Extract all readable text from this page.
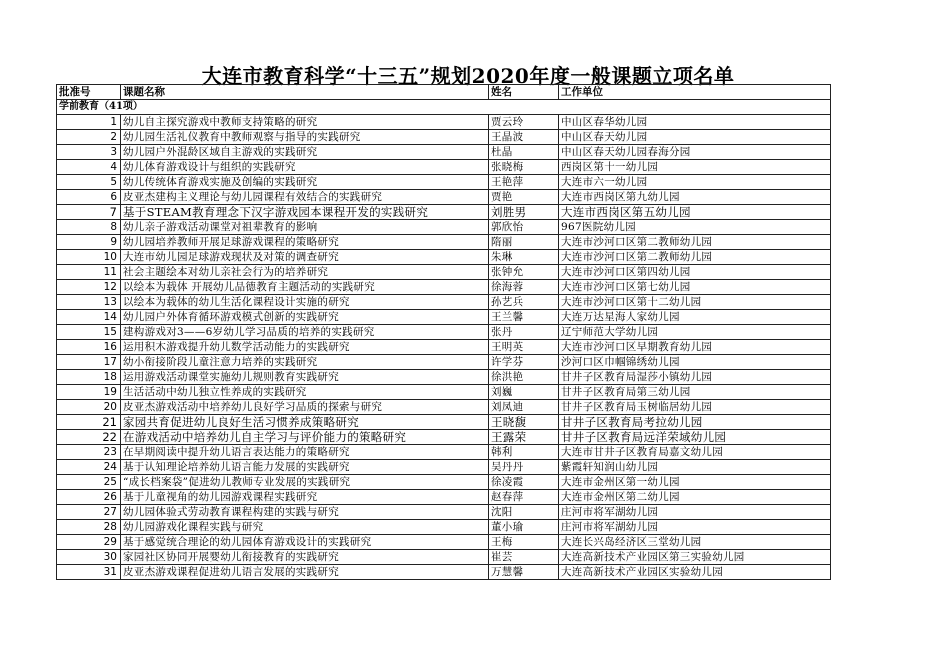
大连市教育科学“十三五”规划2020年度一般课题立项名单
批准号	课题名称	姓名	工作单位
学前教育（41项）			
1	幼儿自主探究游戏中教师支持策略的研究	贾云玲	中山区春华幼儿园
2	幼儿园生活礼仪教育中教师观察与指导的实践研究	王晶波	中山区春天幼儿园
3	幼儿园户外混龄区域自主游戏的实践研究	杜晶	中山区春天幼儿园春海分园
4	幼儿体育游戏设计与组织的实践研究	张晓梅	西岗区第十一幼儿园
5	幼儿传统体育游戏实施及创编的实践研究	王艳萍	大连市六一幼儿园
6	皮亚杰建构主义理论与幼儿园课程有效结合的实践研究	贾艳	大连市西岗区第九幼儿园
7	基于STEAM教育理念下汉字游戏园本课程开发的实践研究	刘胜男	大连市西岗区第五幼儿园
8	幼儿亲子游戏活动课堂对祖辈教育的影响	郭欣怡	967医院幼儿园
9	幼儿园培养教师开展足球游戏课程的策略研究	隋丽	大连市沙河口区第二教师幼儿园
10	大连市幼儿园足球游戏现状及对策的调查研究	朱琳	大连市沙河口区第二教师幼儿园
11	社会主题绘本对幼儿亲社会行为的培养研究	张钟允	大连市沙河口区第四幼儿园
12	以绘本为载体 开展幼儿品德教育主题活动的实践研究	徐海蓉	大连市沙河口区第七幼儿园
13	以绘本为载体的幼儿生活化课程设计实施的研究	孙艺兵	大连市沙河口区第十二幼儿园
14	幼儿园户外体育循环游戏模式创新的实践研究	王兰馨	大连万达星海人家幼儿园
15	建构游戏对3——6岁幼儿学习品质的培养的实践研究	张丹	辽宁师范大学幼儿园
16	运用积木游戏提升幼儿数学活动能力的实践研究	王明英	大连市沙河口区早期教育幼儿园
17	幼小衔接阶段儿童注意力培养的实践研究	许学芬	沙河口区巾帼锦绣幼儿园
18	运用游戏活动课堂实施幼儿规则教育实践研究	徐洪艳	甘井子区教育局湿莎小镇幼儿园
19	生活活动中幼儿独立性养成的实践研究	刘巍	甘井子区教育局第三幼儿园
20	皮亚杰游戏活动中培养幼儿良好学习品质的探索与研究	刘凤迪	甘井子区教育局玉树临居幼儿园
21	家园共育促进幼儿良好生活习惯养成策略研究	王晓馥	甘井子区教育局考拉幼儿园
22	在游戏活动中培养幼儿自主学习与评价能力的策略研究	王露荣	甘井子区教育局远洋荣域幼儿园
23	在早期阅读中提升幼儿语言表达能力的策略研究	韩利	大连市甘井子区教育局嘉文幼儿园
24	基于认知理论培养幼儿语言能力发展的实践研究	吴丹丹	紫霞轩知润山幼儿园
25	“成长档案袋”促进幼儿教师专业发展的实践研究	徐凌霞	大连市金州区第一幼儿园
26	基于儿童视角的幼儿园游戏课程实践研究	赵春萍	大连市金州区第二幼儿园
27	幼儿园体验式劳动教育课程构建的实践与研究	沈阳	庄河市将军湖幼儿园
28	幼儿园游戏化课程实践与研究	董小瑜	庄河市将军湖幼儿园
29	基于感觉统合理论的幼儿园体育游戏设计的实践研究	王梅	大连长兴岛经济区三堂幼儿园
30	家园社区协同开展婴幼儿衔接教育的实践研究	崔芸	大连高新技术产业园区第三实验幼儿园
31	皮亚杰游戏课程促进幼儿语言发展的实践研究	万慧馨	大连高新技术产业园区实验幼儿园
